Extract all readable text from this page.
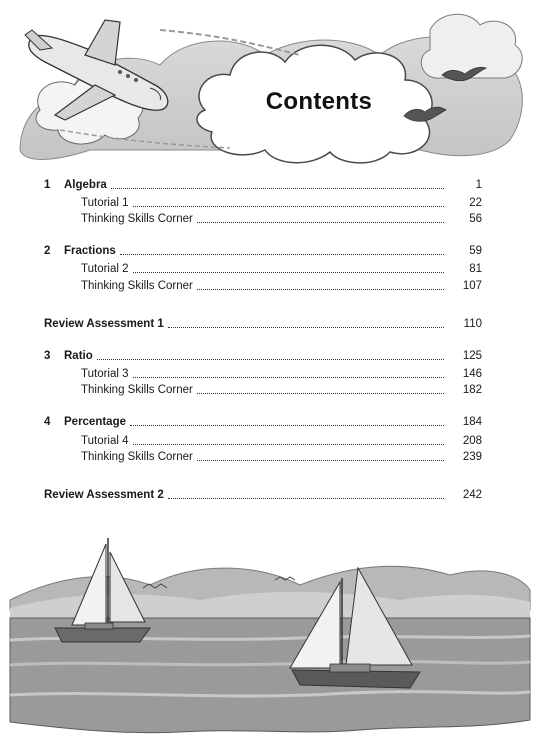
Contents
1	Algebra	1
Tutorial 1	22
Thinking Skills Corner	56
2	Fractions	59
Tutorial 2	81
Thinking Skills Corner	107
Review Assessment 1	110
3	Ratio	125
Tutorial 3	146
Thinking Skills Corner	182
4	Percentage	184
Tutorial 4	208
Thinking Skills Corner	239
Review Assessment 2	242
